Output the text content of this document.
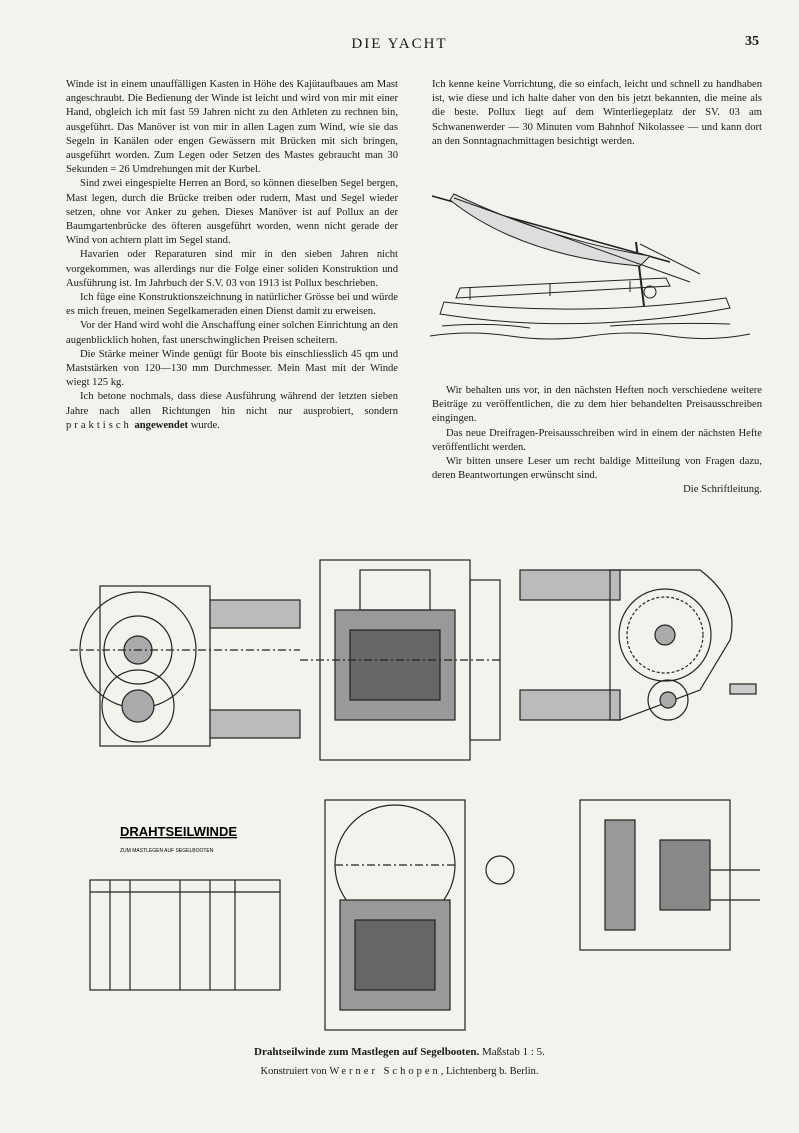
DIE YACHT	35

Winde ist in einem unauffälligen Kasten in Höhe des Kajütaufbaues am Mast angeschraubt. Die Bedienung der Winde ist leicht und wird von mir mit einer Hand, obgleich ich mit fast 59 Jahren nicht zu den Athleten zu rechnen bin, ausgeführt. Das Manöver ist von mir in allen Lagen zum Wind, wie sie das Segeln in Kanälen oder engen Gewässern mit Brücken mit sich bringen, ausgeführt worden. Zum Legen oder Setzen des Mastes gebraucht man 30 Sekunden = 26 Umdrehungen mit der Kurbel.

Sind zwei eingespielte Herren an Bord, so können dieselben Segel bergen, Mast legen, durch die Brücke treiben oder rudern, Mast und Segel wieder setzen, ohne vor Anker zu gehen. Dieses Manöver ist auf Pollux an der Baumgartenbrücke des öfteren ausgeführt worden, wenn nicht gerade der Wind von achtern platt im Segel stand.

Havarien oder Reparaturen sind mir in den sieben Jahren nicht vorgekommen, was allerdings nur die Folge einer soliden Konstruktion und Ausführung ist. Im Jahrbuch der S.V. 03 von 1913 ist Pollux beschrieben.

Ich füge eine Konstruktionszeichnung in natürlicher Grösse bei und würde es mich freuen, meinen Segelkameraden einen Dienst damit zu erweisen.

Vor der Hand wird wohl die Anschaffung einer solchen Einrichtung an den augenblicklich hohen, fast unerschwinglichen Preisen scheitern.

Die Stärke meiner Winde genügt für Boote bis einschliesslich 45 qm und Maststärken von 120—130 mm Durchmesser. Mein Mast mit der Winde wiegt 125 kg.

Ich betone nochmals, dass diese Ausführung während der letzten sieben Jahre nach allen Richtungen hin nicht nur ausprobiert, sondern praktisch angewendet wurde.

Ich kenne keine Vorrichtung, die so einfach, leicht und schnell zu handhaben ist, wie diese und ich halte daher von den bis jetzt bekannten, die meine als die beste. Pollux liegt auf dem Winterliegeplatz der SV. 03 am Schwanenwerder — 30 Minuten vom Bahnhof Nikolassee — und kann dort an den Sonntagnachmittagen besichtigt werden.

Wir behalten uns vor, in den nächsten Heften noch verschiedene weitere Beiträge zu veröffentlichen, die zu dem hier behandelten Preisausschreiben eingingen.

Das neue Dreifragen-Preisausschreiben wird in einem der nächsten Hefte veröffentlicht werden.

Wir bitten unsere Leser um recht baldige Mitteilung von Fragen dazu, deren Beantwortungen erwünscht sind.

Die Schriftleitung.

DRAHTSEILWINDE
ZUM MASTLEGEN AUF SEGELBOOTEN
Drahtseilwinde zum Mastlegen auf Segelbooten. Maßstab 1 : 5.
Konstruiert von Werner Schopen, Lichtenberg b. Berlin.
